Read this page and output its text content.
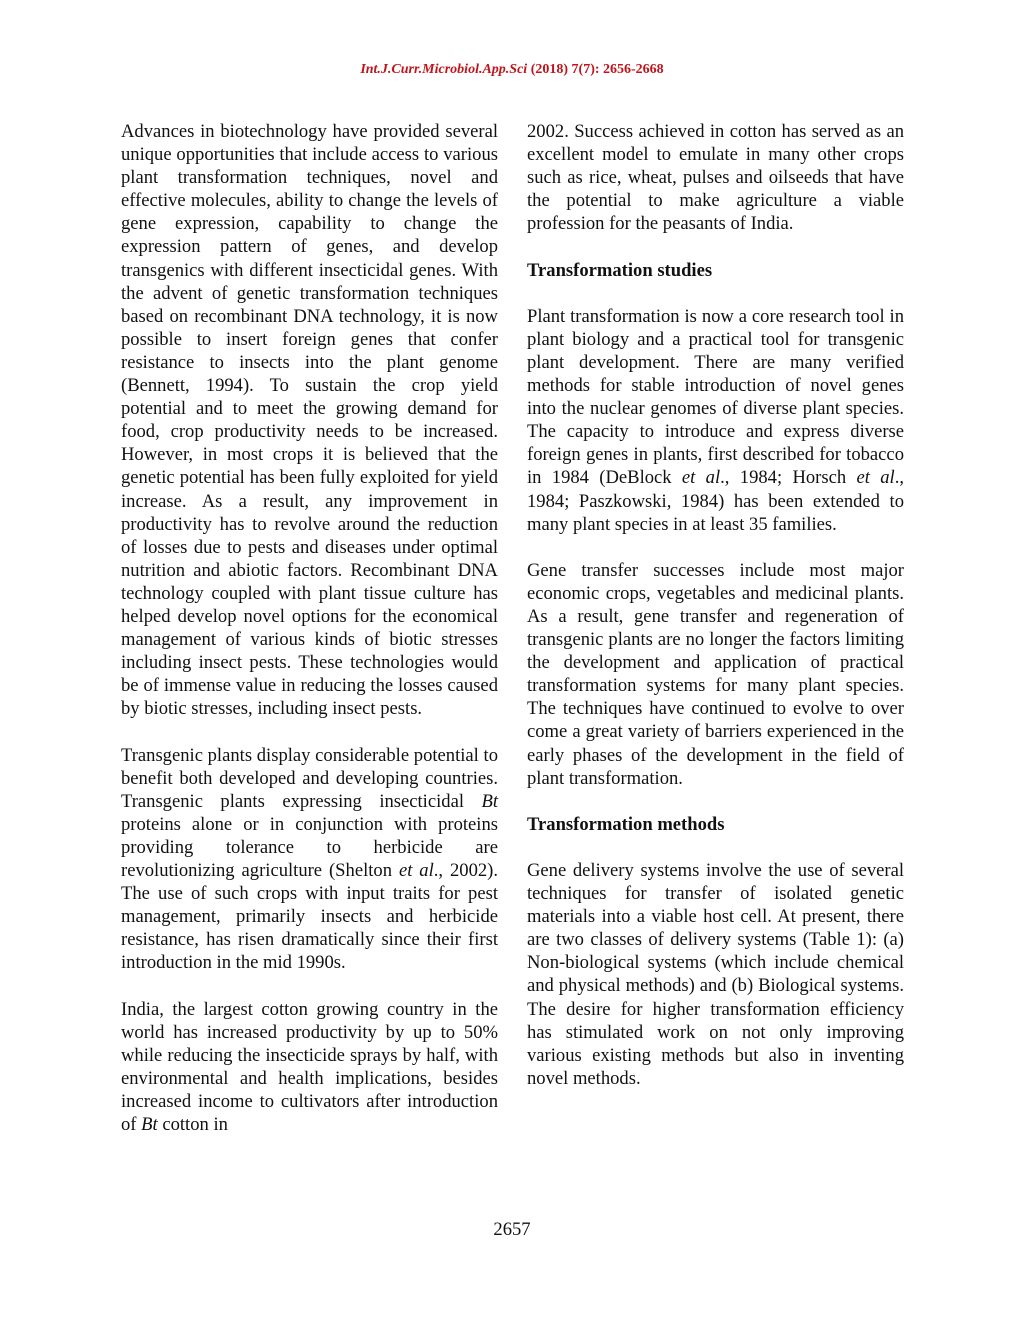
Int.J.Curr.Microbiol.App.Sci (2018) 7(7): 2656-2668

Advances in biotechnology have provided several unique opportunities that include access to various plant transformation techniques, novel and effective molecules, ability to change the levels of gene expression, capability to change the expression pattern of genes, and develop transgenics with different insecticidal genes. With the advent of genetic transformation techniques based on recombinant DNA technology, it is now possible to insert foreign genes that confer resistance to insects into the plant genome (Bennett, 1994). To sustain the crop yield potential and to meet the growing demand for food, crop productivity needs to be increased. However, in most crops it is believed that the genetic potential has been fully exploited for yield increase. As a result, any improvement in productivity has to revolve around the reduction of losses due to pests and diseases under optimal nutrition and abiotic factors. Recombinant DNA technology coupled with plant tissue culture has helped develop novel options for the economical management of various kinds of biotic stresses including insect pests. These technologies would be of immense value in reducing the losses caused by biotic stresses, including insect pests.

Transgenic plants display considerable potential to benefit both developed and developing countries. Transgenic plants expressing insecticidal Bt proteins alone or in conjunction with proteins providing tolerance to herbicide are revolutionizing agriculture (Shelton et al., 2002). The use of such crops with input traits for pest management, primarily insects and herbicide resistance, has risen dramatically since their first introduction in the mid 1990s.

India, the largest cotton growing country in the world has increased productivity by up to 50% while reducing the insecticide sprays by half, with environmental and health implications, besides increased income to cultivators after introduction of Bt cotton in

2002. Success achieved in cotton has served as an excellent model to emulate in many other crops such as rice, wheat, pulses and oilseeds that have the potential to make agriculture a viable profession for the peasants of India.

Transformation studies

Plant transformation is now a core research tool in plant biology and a practical tool for transgenic plant development. There are many verified methods for stable introduction of novel genes into the nuclear genomes of diverse plant species. The capacity to introduce and express diverse foreign genes in plants, first described for tobacco in 1984 (DeBlock et al., 1984; Horsch et al., 1984; Paszkowski, 1984) has been extended to many plant species in at least 35 families.

Gene transfer successes include most major economic crops, vegetables and medicinal plants. As a result, gene transfer and regeneration of transgenic plants are no longer the factors limiting the development and application of practical transformation systems for many plant species. The techniques have continued to evolve to over come a great variety of barriers experienced in the early phases of the development in the field of plant transformation.

Transformation methods

Gene delivery systems involve the use of several techniques for transfer of isolated genetic materials into a viable host cell. At present, there are two classes of delivery systems (Table 1): (a) Non-biological systems (which include chemical and physical methods) and (b) Biological systems. The desire for higher transformation efficiency has stimulated work on not only improving various existing methods but also in inventing novel methods.

2657
